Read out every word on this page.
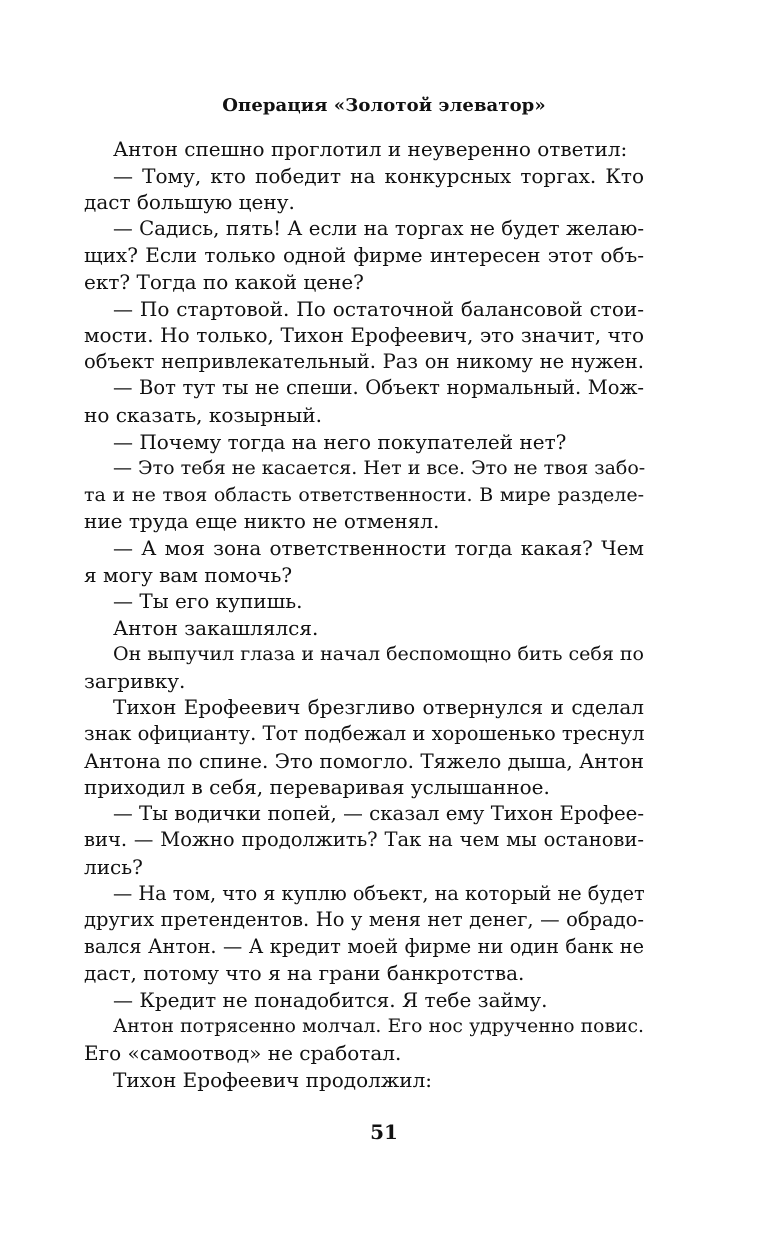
Операция «Золотой элеватор»
Антон спешно проглотил и неуверенно ответил:
— Тому, кто победит на конкурсных торгах. Кто
даст большую цену.
— Садись, пять! А если на торгах не будет желаю-
щих? Если только одной фирме интересен этот объ-
ект? Тогда по какой цене?
— По стартовой. По остаточной балансовой стои-
мости. Но только, Тихон Ерофеевич, это значит, что
объект непривлекательный. Раз он никому не нужен.
— Вот тут ты не спеши. Объект нормальный. Мож-
но сказать, козырный.
— Почему тогда на него покупателей нет?
— Это тебя не касается. Нет и все. Это не твоя забо-
та и не твоя область ответственности. В мире разделе-
ние труда еще никто не отменял.
— А моя зона ответственности тогда какая? Чем
я могу вам помочь?
— Ты его купишь.
Антон закашлялся.
Он выпучил глаза и начал беспомощно бить себя по
загривку.
Тихон Ерофеевич брезгливо отвернулся и сделал
знак официанту. Тот подбежал и хорошенько треснул
Антона по спине. Это помогло. Тяжело дыша, Антон
приходил в себя, переваривая услышанное.
— Ты водички попей, — сказал ему Тихон Ерофее-
вич. — Можно продолжить? Так на чем мы останови-
лись?
— На том, что я куплю объект, на который не будет
других претендентов. Но у меня нет денег, — обрадо-
вался Антон. — А кредит моей фирме ни один банк не
даст, потому что я на грани банкротства.
— Кредит не понадобится. Я тебе займу.
Антон потрясенно молчал. Его нос удрученно повис.
Его «самоотвод» не сработал.
Тихон Ерофеевич продолжил:
51
